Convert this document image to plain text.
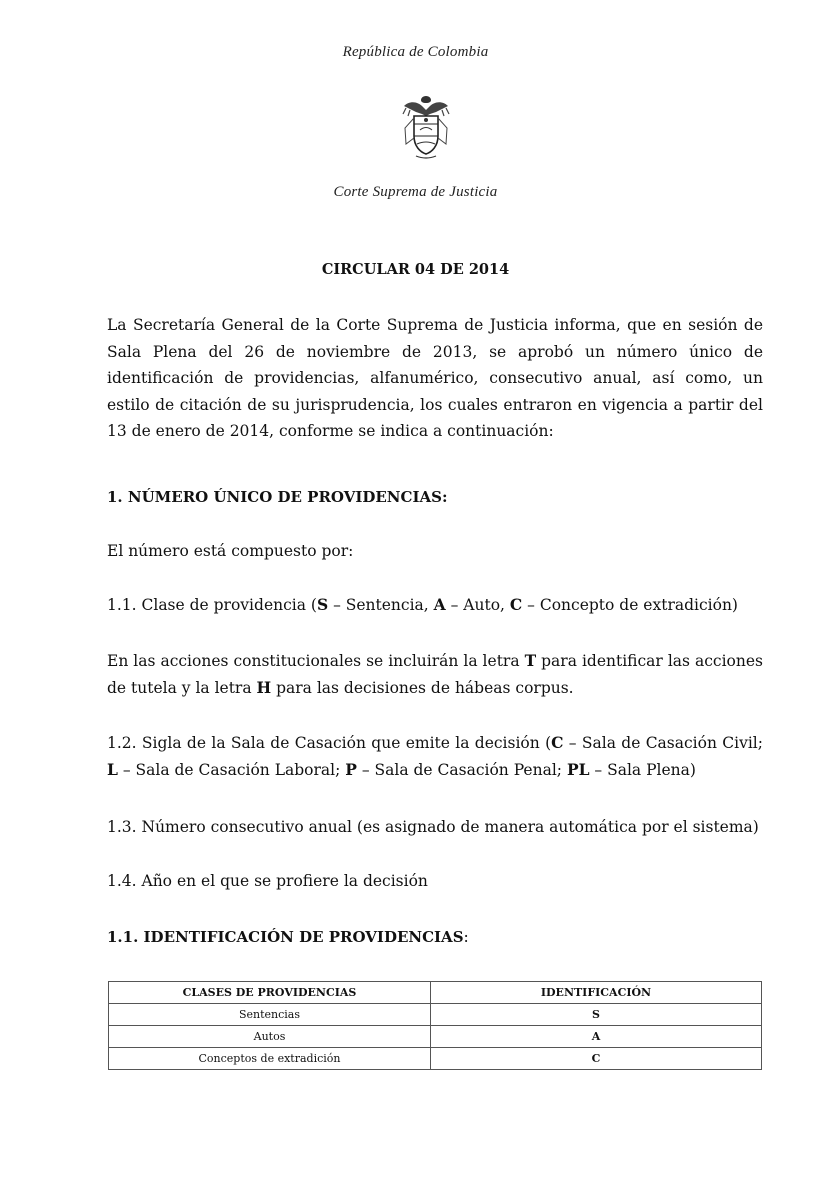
República de Colombia
Corte Suprema de Justicia
CIRCULAR 04 DE 2014

La Secretaría General de la Corte Suprema de Justicia informa, que en sesión de Sala Plena del 26 de noviembre de 2013, se aprobó un número único de identificación de providencias, alfanumérico, consecutivo anual, así como, un estilo de citación de su jurisprudencia, los cuales entraron en vigencia a partir del 13 de enero de 2014, conforme se indica a continuación:

1. NÚMERO ÚNICO DE PROVIDENCIAS:

El número está compuesto por:

1.1. Clase de providencia (S – Sentencia, A – Auto, C – Concepto de extradición)

En las acciones constitucionales se incluirán la letra T para identificar las acciones de tutela y la letra H para las decisiones de hábeas corpus.

1.2. Sigla de la Sala de Casación que emite la decisión (C – Sala de Casación Civil; L – Sala de Casación Laboral; P – Sala de Casación Penal; PL – Sala Plena)

1.3. Número consecutivo anual (es asignado de manera automática por el sistema)

1.4. Año en el que se profiere la decisión

1.1. IDENTIFICACIÓN DE PROVIDENCIAS:

CLASES DE PROVIDENCIAS	IDENTIFICACIÓN
Sentencias	S
Autos	A
Conceptos de extradición	C
